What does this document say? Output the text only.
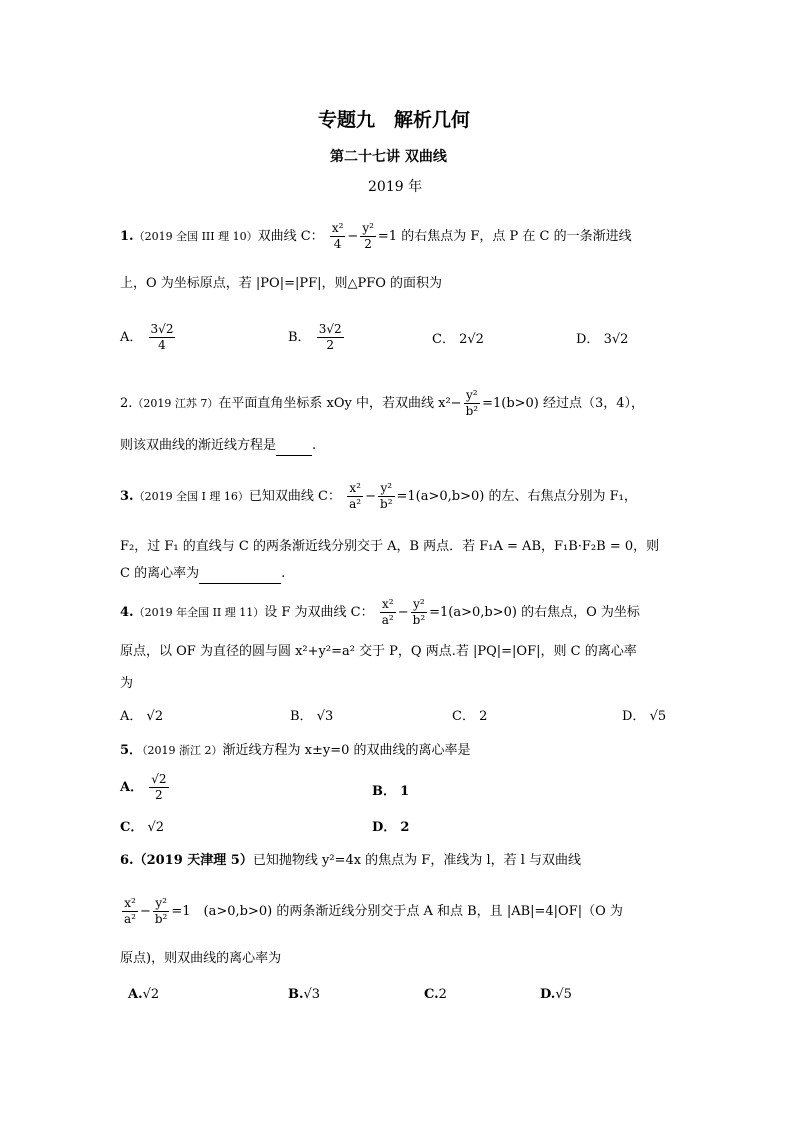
专题九　解析几何
第二十七讲 双曲线
2019 年
1.（2019 全国 III 理 10）双曲线 C： $\frac{\text{x²}}{4} - \frac{\text{y²}}{2} =1$ 的右焦点为 F，点 P 在 C 的一条渐进线
上，O 为坐标原点，若 |PO|=|PF|，则△PFO 的面积为
A． $\frac{3√2}{4}$	B． $\frac{3√2}{2}$	C． 2√2	D． 3√2
2.（2019 江苏 7）在平面直角坐标系 xOy 中，若双曲线 $x^2- \frac{\text{y²}}{\text{b²}} =1(b>0)$ 经过点（3，4），
则该双曲线的渐近线方程是	.
3.（2019 全国 I 理 16）已知双曲线 C： $\frac{\text{x²}}{\text{a²}} - \frac{\text{y²}}{\text{b²}} =1(a>0,b>0)$ 的左、右焦点分别为 F₁，
F₂，过 F₁ 的直线与 C 的两条渐近线分别交于 A，B 两点．若 F₁A = AB，F₁B·F₂B = 0，则
C 的离心率为	.
4.（2019 年全国 II 理 11）设 F 为双曲线 C： $\frac{\text{x²}}{\text{a²}} - \frac{\text{y²}}{\text{b²}} =1(a>0,b>0)$ 的右焦点，O 为坐标
原点，以 OF 为直径的圆与圆 x²+y²=a² 交于 P，Q 两点.若 |PQ|=|OF|，则 C 的离心率
为
A． √2	B． √3	C． 2	D． √5
5．（2019 浙江 2）渐近线方程为 x±y=0 的双曲线的离心率是
A． $\frac{√2}{2}$	B． 1
C． √2	D． 2
6.（2019 天津理 5）已知抛物线 y²=4x 的焦点为 F，准线为 l，若 l 与双曲线
$\frac{\text{x²}}{\text{a²}} - \frac{\text{y²}}{\text{b²}} =1$　(a>0,b>0) 的两条渐近线分别交于点 A 和点 B，且 |AB|=4|OF|（O 为
原点)，则双曲线的离心率为
A.√2	B.√3	C.2	D.√5
